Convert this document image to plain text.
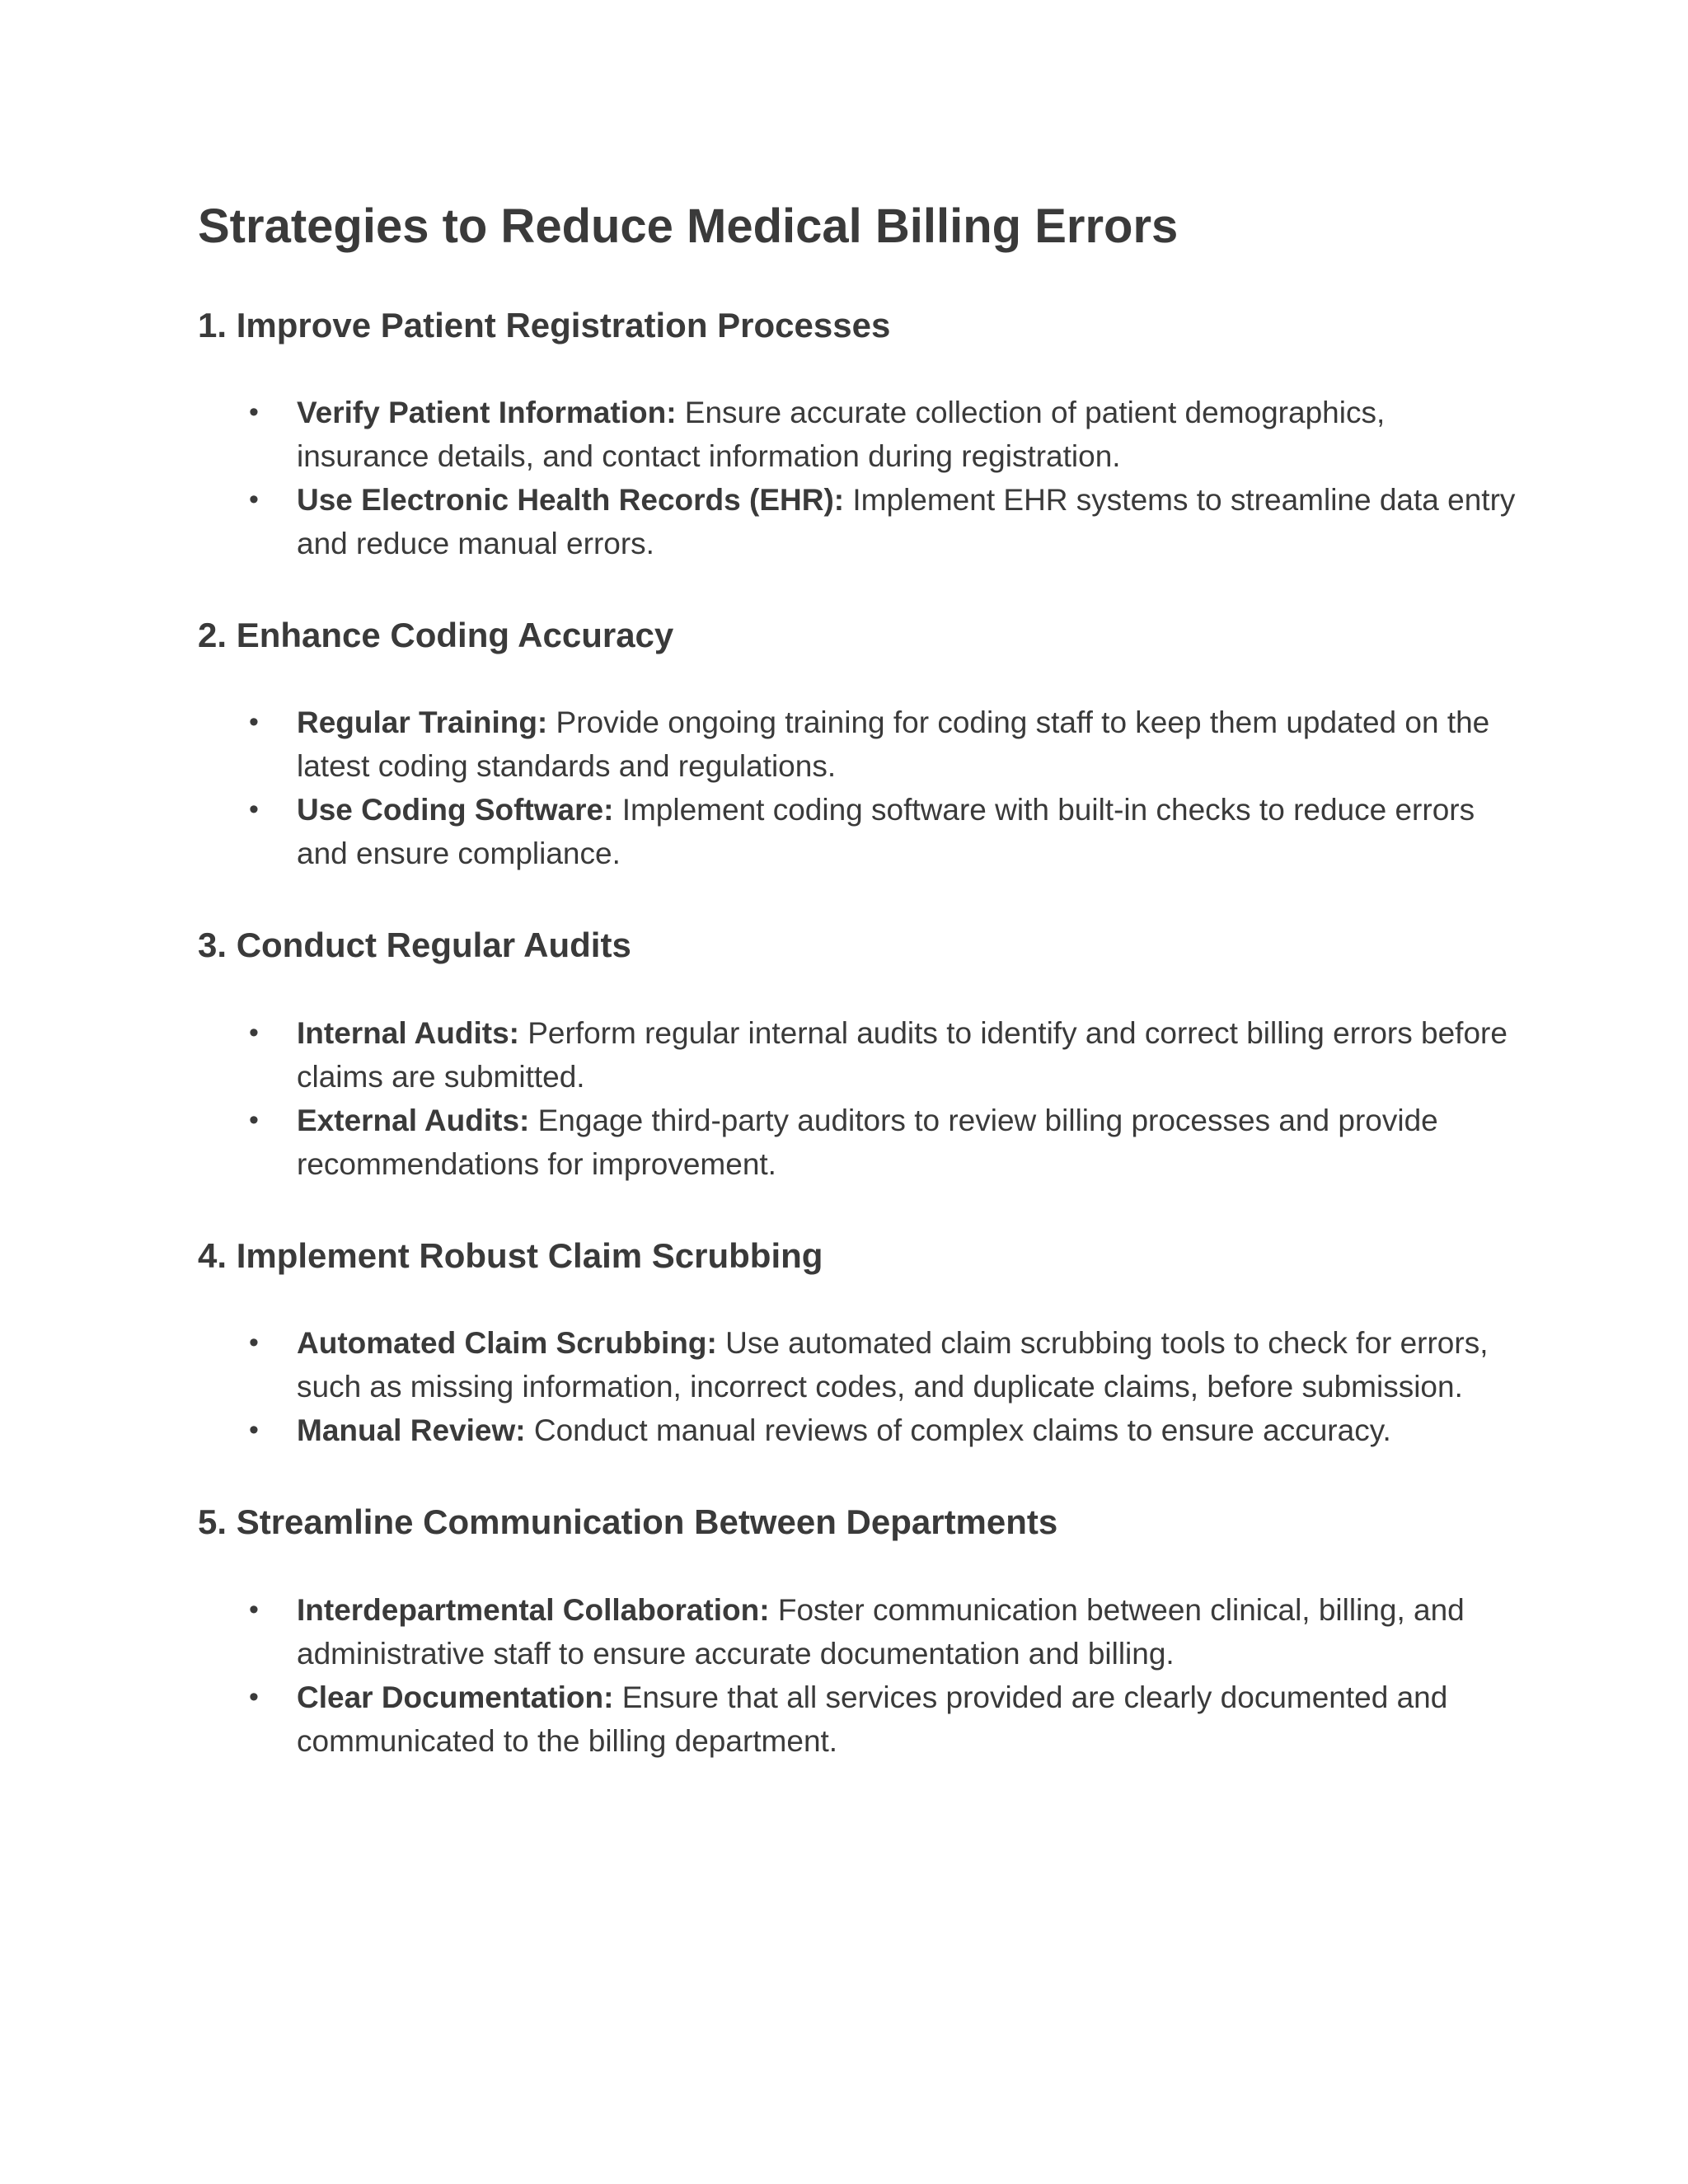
Strategies to Reduce Medical Billing Errors
1. Improve Patient Registration Processes
• Verify Patient Information: Ensure accurate collection of patient demographics, insurance details, and contact information during registration.
• Use Electronic Health Records (EHR): Implement EHR systems to streamline data entry and reduce manual errors.
2. Enhance Coding Accuracy
• Regular Training: Provide ongoing training for coding staff to keep them updated on the latest coding standards and regulations.
• Use Coding Software: Implement coding software with built-in checks to reduce errors and ensure compliance.
3. Conduct Regular Audits
• Internal Audits: Perform regular internal audits to identify and correct billing errors before claims are submitted.
• External Audits: Engage third-party auditors to review billing processes and provide recommendations for improvement.
4. Implement Robust Claim Scrubbing
• Automated Claim Scrubbing: Use automated claim scrubbing tools to check for errors, such as missing information, incorrect codes, and duplicate claims, before submission.
• Manual Review: Conduct manual reviews of complex claims to ensure accuracy.
5. Streamline Communication Between Departments
• Interdepartmental Collaboration: Foster communication between clinical, billing, and administrative staff to ensure accurate documentation and billing.
• Clear Documentation: Ensure that all services provided are clearly documented and communicated to the billing department.
